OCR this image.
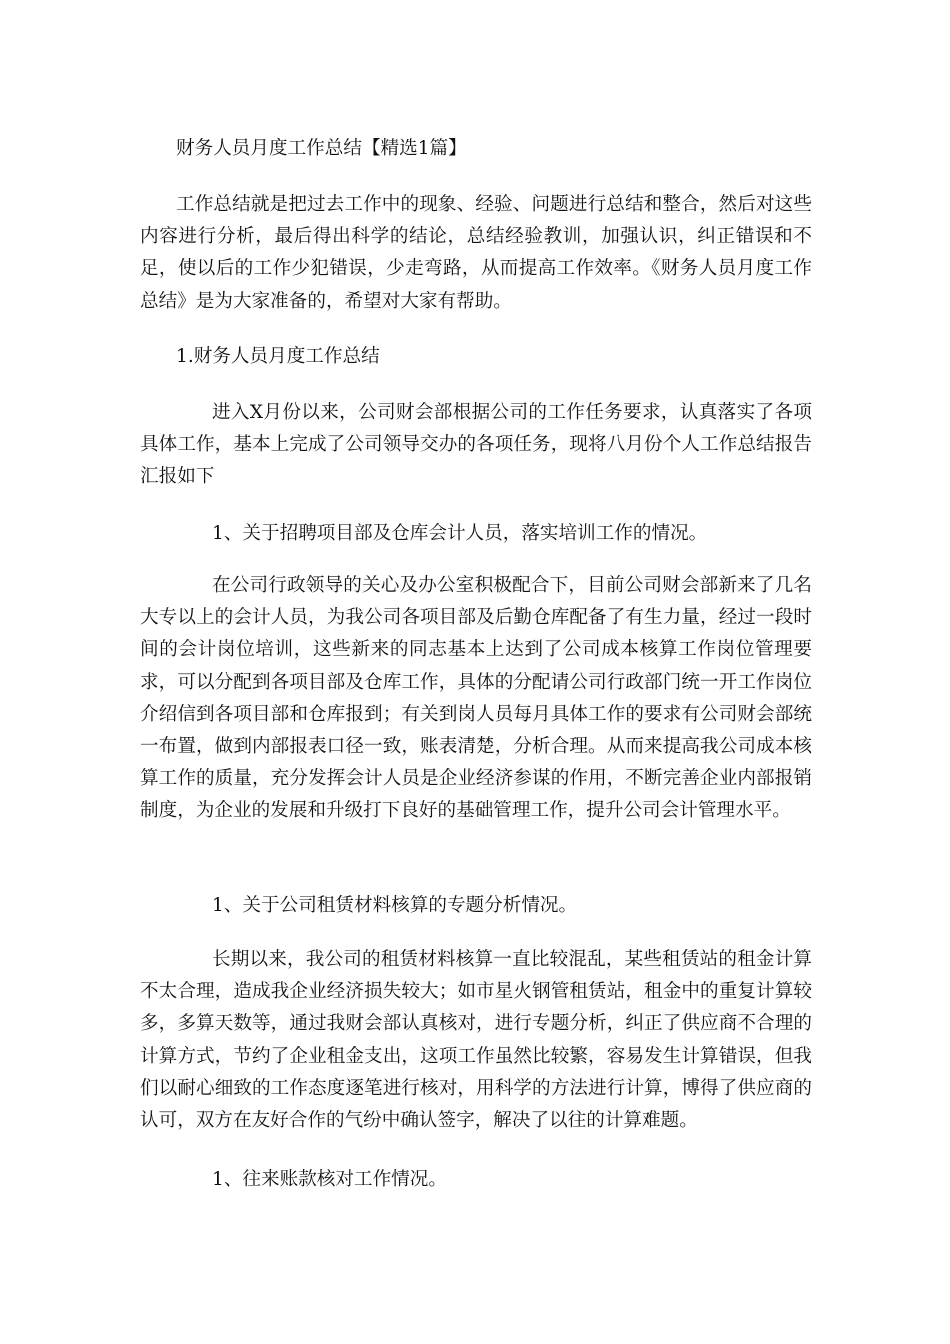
财务人员月度工作总结【精选1篇】

工作总结就是把过去工作中的现象、经验、问题进行总结和整合，然后对这些内容进行分析，最后得出科学的结论，总结经验教训，加强认识，纠正错误和不足，使以后的工作少犯错误，少走弯路，从而提高工作效率。《财务人员月度工作总结》是为大家准备的，希望对大家有帮助。

1.财务人员月度工作总结

进入X月份以来，公司财会部根据公司的工作任务要求，认真落实了各项具体工作，基本上完成了公司领导交办的各项任务，现将八月份个人工作总结报告汇报如下

1、关于招聘项目部及仓库会计人员，落实培训工作的情况。

在公司行政领导的关心及办公室积极配合下，目前公司财会部新来了几名大专以上的会计人员，为我公司各项目部及后勤仓库配备了有生力量，经过一段时间的会计岗位培训，这些新来的同志基本上达到了公司成本核算工作岗位管理要求，可以分配到各项目部及仓库工作，具体的分配请公司行政部门统一开工作岗位介绍信到各项目部和仓库报到；有关到岗人员每月具体工作的要求有公司财会部统一布置，做到内部报表口径一致，账表清楚，分析合理。从而来提高我公司成本核算工作的质量，充分发挥会计人员是企业经济参谋的作用，不断完善企业内部报销制度，为企业的发展和升级打下良好的基础管理工作，提升公司会计管理水平。

1、关于公司租赁材料核算的专题分析情况。

长期以来，我公司的租赁材料核算一直比较混乱，某些租赁站的租金计算不太合理，造成我企业经济损失较大；如市星火钢管租赁站，租金中的重复计算较多，多算天数等，通过我财会部认真核对，进行专题分析，纠正了供应商不合理的计算方式，节约了企业租金支出，这项工作虽然比较繁，容易发生计算错误，但我们以耐心细致的工作态度逐笔进行核对，用科学的方法进行计算，博得了供应商的认可，双方在友好合作的气纷中确认签字，解决了以往的计算难题。

1、往来账款核对工作情况。
